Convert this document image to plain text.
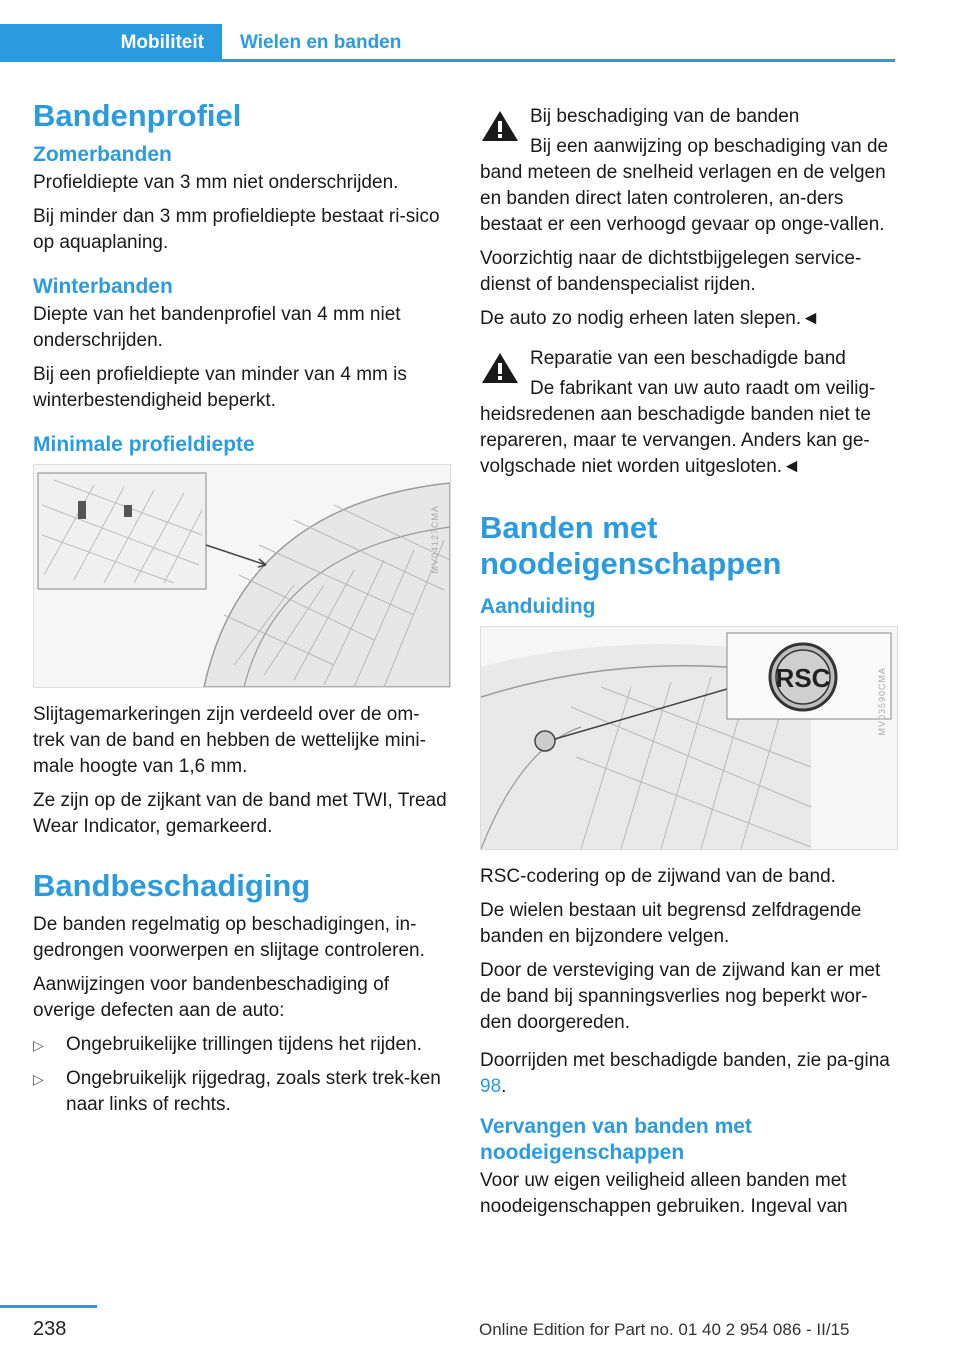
Mobiliteit	Wielen en banden
Bandenprofiel
Zomerbanden

Profieldiepte van 3 mm niet onderschrijden.

Bij minder dan 3 mm profieldiepte bestaat ri-sico op aquaplaning.

Winterbanden

Diepte van het bandenprofiel van 4 mm niet onderschrijden.

Bij een profieldiepte van minder van 4 mm is winterbestendigheid beperkt.

Minimale profieldiepte
MV04127CMA

Slijtagemarkeringen zijn verdeeld over de om-trek van de band en hebben de wettelijke mini-male hoogte van 1,6 mm.

Ze zijn op de zijkant van de band met TWI, Tread Wear Indicator, gemarkeerd.

Bandbeschadiging

De banden regelmatig op beschadigingen, in-gedrongen voorwerpen en slijtage controleren.

Aanwijzingen voor bandenbeschadiging of overige defecten aan de auto:

▷ Ongebruikelijke trillingen tijdens het rijden.
▷ Ongebruikelijk rijgedrag, zoals sterk trek-ken naar links of rechts.

Bij beschadiging van de banden

Bij een aanwijzing op beschadiging van de band meteen de snelheid verlagen en de velgen en banden direct laten controleren, an-ders bestaat er een verhoogd gevaar op onge-vallen.

Voorzichtig naar de dichtstbijgelegen service-dienst of bandenspecialist rijden.

De auto zo nodig erheen laten slepen.◄

Reparatie van een beschadigde band

De fabrikant van uw auto raadt om veilig-heidsredenen aan beschadigde banden niet te repareren, maar te vervangen. Anders kan ge-volgschade niet worden uitgesloten.◄

Banden met noodeigenschappen
Aanduiding
RSC	MV03590CMA

RSC-codering op de zijwand van de band.

De wielen bestaan uit begrensd zelfdragende banden en bijzondere velgen.

Door de versteviging van de zijwand kan er met de band bij spanningsverlies nog beperkt wor-den doorgereden.

Doorrijden met beschadigde banden, zie pa-gina 98.

Vervangen van banden met noodeigenschappen

Voor uw eigen veiligheid alleen banden met noodeigenschappen gebruiken. Ingeval van

238	Online Edition for Part no. 01 40 2 954 086 - II/15
